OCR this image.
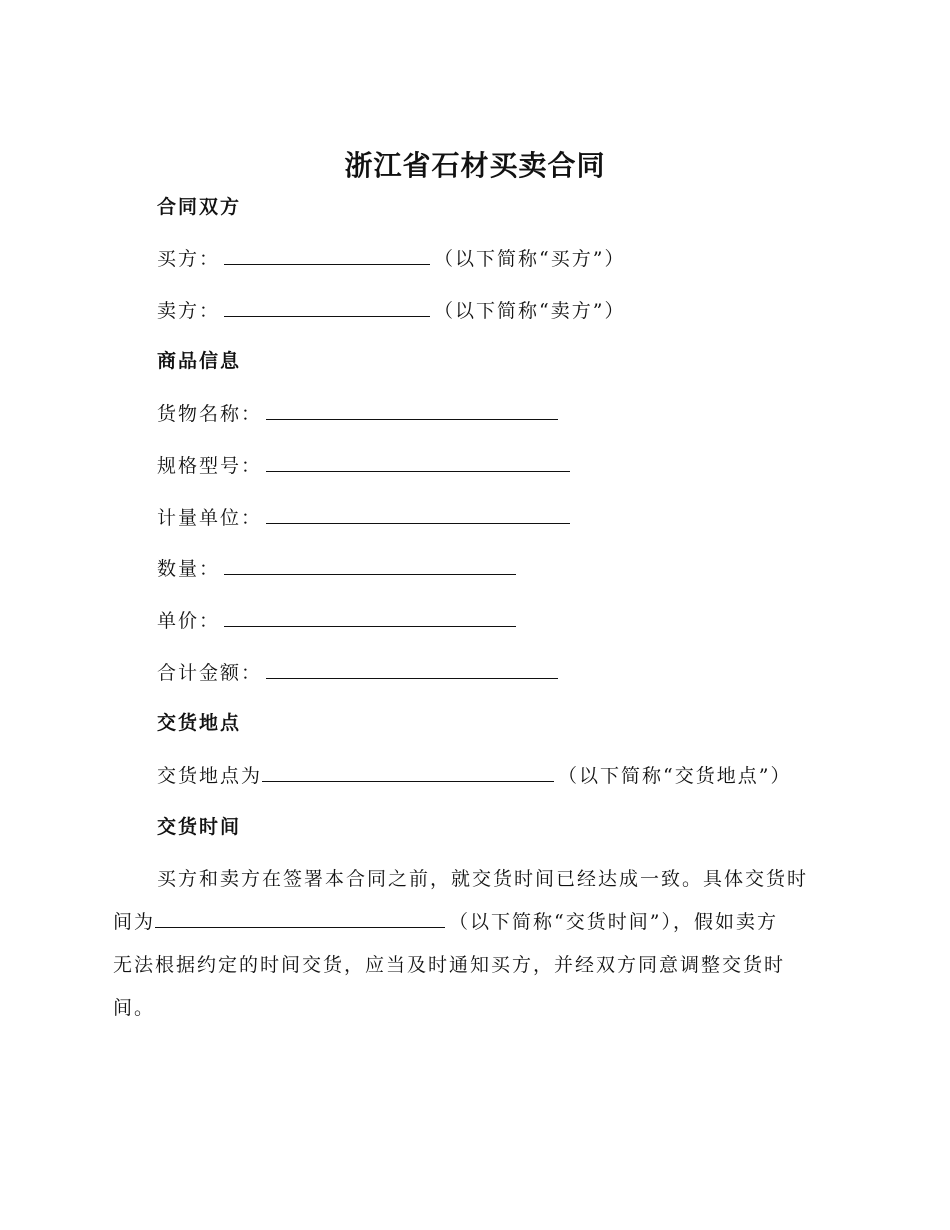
浙江省石材买卖合同
合同双方
买方：	（以下简称“买方”）
卖方：	（以下简称“卖方”）
商品信息
货物名称：
规格型号：
计量单位：
数量：
单价：
合计金额：
交货地点
交货地点为	（以下简称“交货地点”）
交货时间
买方和卖方在签署本合同之前，就交货时间已经达成一致。具体交货时
间为	（以下简称“交货时间”），假如卖方
无法根据约定的时间交货，应当及时通知买方，并经双方同意调整交货时
间。
